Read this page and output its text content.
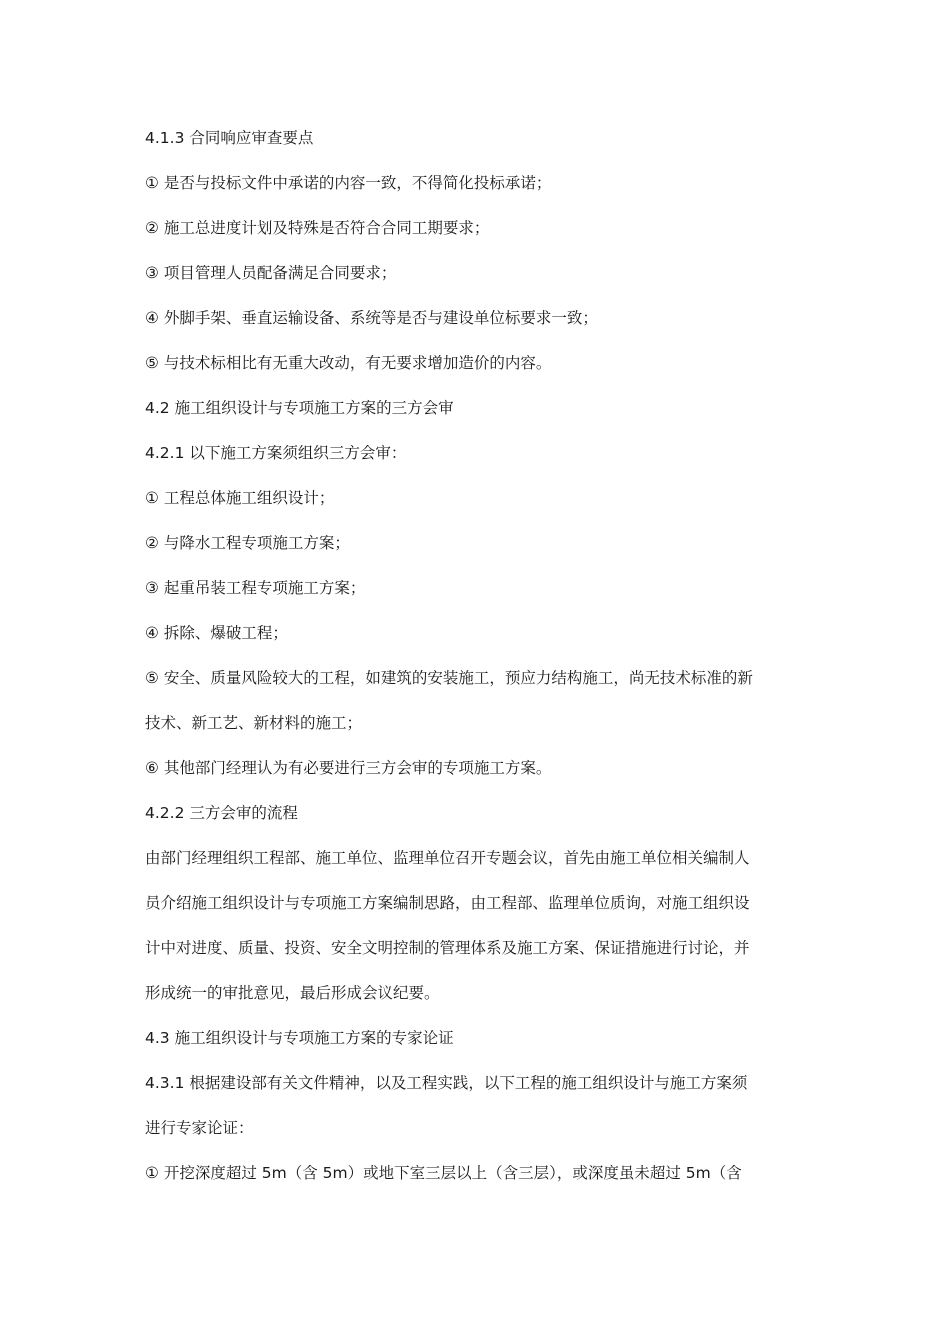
4.1.3 合同响应审查要点
① 是否与投标文件中承诺的内容一致，不得简化投标承诺；
② 施工总进度计划及特殊是否符合合同工期要求；
③ 项目管理人员配备满足合同要求；
④ 外脚手架、垂直运输设备、系统等是否与建设单位标要求一致；
⑤ 与技术标相比有无重大改动，有无要求增加造价的内容。
4.2 施工组织设计与专项施工方案的三方会审
4.2.1 以下施工方案须组织三方会审：
① 工程总体施工组织设计；
② 与降水工程专项施工方案；
③ 起重吊装工程专项施工方案；
④ 拆除、爆破工程；
⑤ 安全、质量风险较大的工程，如建筑的安装施工，预应力结构施工，尚无技术标准的新
技术、新工艺、新材料的施工；
⑥ 其他部门经理认为有必要进行三方会审的专项施工方案。
4.2.2 三方会审的流程
由部门经理组织工程部、施工单位、监理单位召开专题会议，首先由施工单位相关编制人
员介绍施工组织设计与专项施工方案编制思路，由工程部、监理单位质询，对施工组织设
计中对进度、质量、投资、安全文明控制的管理体系及施工方案、保证措施进行讨论，并
形成统一的审批意见，最后形成会议纪要。
4.3 施工组织设计与专项施工方案的专家论证
4.3.1 根据建设部有关文件精神，以及工程实践，以下工程的施工组织设计与施工方案须
进行专家论证：
① 开挖深度超过 5m（含 5m）或地下室三层以上（含三层），或深度虽未超过 5m（含
